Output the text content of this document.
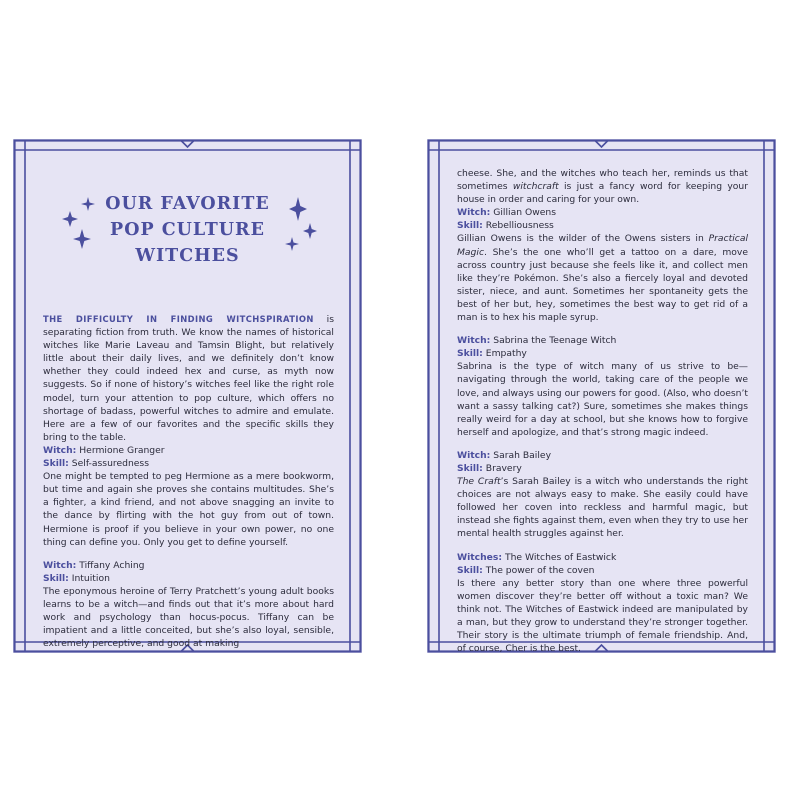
OUR FAVORITE
POP CULTURE
WITCHES

THE DIFFICULTY IN FINDING WITCHSPIRATION is separating fiction from truth. We know the names of historical witches like Marie Laveau and Tamsin Blight, but relatively little about their daily lives, and we definitely don’t know whether they could indeed hex and curse, as myth now suggests. So if none of history’s witches feel like the right role model, turn your attention to pop culture, which offers no shortage of badass, powerful witches to admire and emulate. Here are a few of our favorites and the specific skills they bring to the table.

Witch: Hermione Granger

Skill: Self-assuredness

One might be tempted to peg Hermione as a mere bookworm, but time and again she proves she contains multitudes. She’s a fighter, a kind friend, and not above snagging an invite to the dance by flirting with the hot guy from out of town. Hermione is proof if you believe in your own power, no one thing can define you. Only you get to define yourself.

Witch: Tiffany Aching

Skill: Intuition

The eponymous heroine of Terry Pratchett’s young adult books learns to be a witch—and finds out that it’s more about hard work and psychology than hocus-pocus. Tiffany can be impatient and a little conceited, but she’s also loyal, sensible, extremely perceptive, and good at making

cheese. She, and the witches who teach her, reminds us that sometimes witchcraft is just a fancy word for keeping your house in order and caring for your own.

Witch: Gillian Owens

Skill: Rebelliousness

Gillian Owens is the wilder of the Owens sisters in Practical Magic. She’s the one who’ll get a tattoo on a dare, move across country just because she feels like it, and collect men like they’re Pokémon. She’s also a fiercely loyal and devoted sister, niece, and aunt. Sometimes her spontaneity gets the best of her but, hey, sometimes the best way to get rid of a man is to hex his maple syrup.

Witch: Sabrina the Teenage Witch

Skill: Empathy

Sabrina is the type of witch many of us strive to be—navigating through the world, taking care of the people we love, and always using our powers for good. (Also, who doesn’t want a sassy talking cat?) Sure, sometimes she makes things really weird for a day at school, but she knows how to forgive herself and apologize, and that’s strong magic indeed.

Witch: Sarah Bailey

Skill: Bravery

The Craft’s Sarah Bailey is a witch who understands the right choices are not always easy to make. She easily could have followed her coven into reckless and harmful magic, but instead she fights against them, even when they try to use her mental health struggles against her.

Witches: The Witches of Eastwick

Skill: The power of the coven

Is there any better story than one where three powerful women discover they’re better off without a toxic man? We think not. The Witches of Eastwick indeed are manipulated by a man, but they grow to understand they’re stronger together. Their story is the ultimate triumph of female friendship. And, of course, Cher is the best.
